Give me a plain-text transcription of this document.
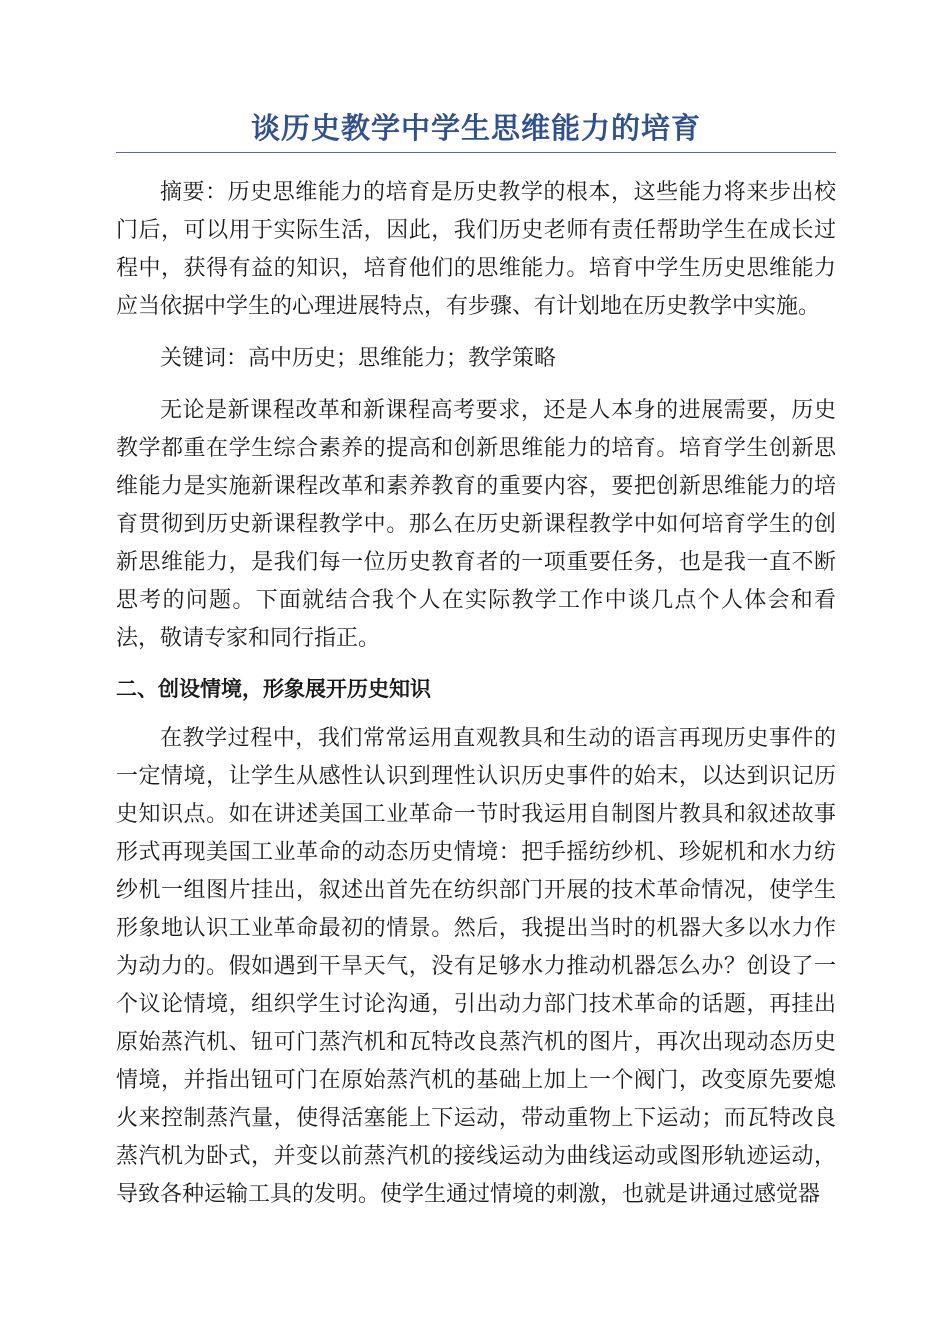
谈历史教学中学生思维能力的培育

摘要：历史思维能力的培育是历史教学的根本，这些能力将来步出校门后，可以用于实际生活，因此，我们历史老师有责任帮助学生在成长过程中，获得有益的知识，培育他们的思维能力。培育中学生历史思维能力应当依据中学生的心理进展特点，有步骤、有计划地在历史教学中实施。

关键词：高中历史；思维能力；教学策略

无论是新课程改革和新课程高考要求，还是人本身的进展需要，历史教学都重在学生综合素养的提高和创新思维能力的培育。培育学生创新思维能力是实施新课程改革和素养教育的重要内容，要把创新思维能力的培育贯彻到历史新课程教学中。那么在历史新课程教学中如何培育学生的创新思维能力，是我们每一位历史教育者的一项重要任务，也是我一直不断思考的问题。下面就结合我个人在实际教学工作中谈几点个人体会和看法，敬请专家和同行指正。

二、创设情境，形象展开历史知识

在教学过程中，我们常常运用直观教具和生动的语言再现历史事件的一定情境，让学生从感性认识到理性认识历史事件的始末，以达到识记历史知识点。如在讲述美国工业革命一节时我运用自制图片教具和叙述故事形式再现美国工业革命的动态历史情境：把手摇纺纱机、珍妮机和水力纺纱机一组图片挂出，叙述出首先在纺织部门开展的技术革命情况，使学生形象地认识工业革命最初的情景。然后，我提出当时的机器大多以水力作为动力的。假如遇到干旱天气，没有足够水力推动机器怎么办？创设了一个议论情境，组织学生讨论沟通，引出动力部门技术革命的话题，再挂出原始蒸汽机、钮可门蒸汽机和瓦特改良蒸汽机的图片，再次出现动态历史情境，并指出钮可门在原始蒸汽机的基础上加上一个阀门，改变原先要熄火来控制蒸汽量，使得活塞能上下运动，带动重物上下运动；而瓦特改良蒸汽机为卧式，并变以前蒸汽机的接线运动为曲线运动或图形轨迹运动，导致各种运输工具的发明。使学生通过情境的刺激，也就是讲通过感觉器
